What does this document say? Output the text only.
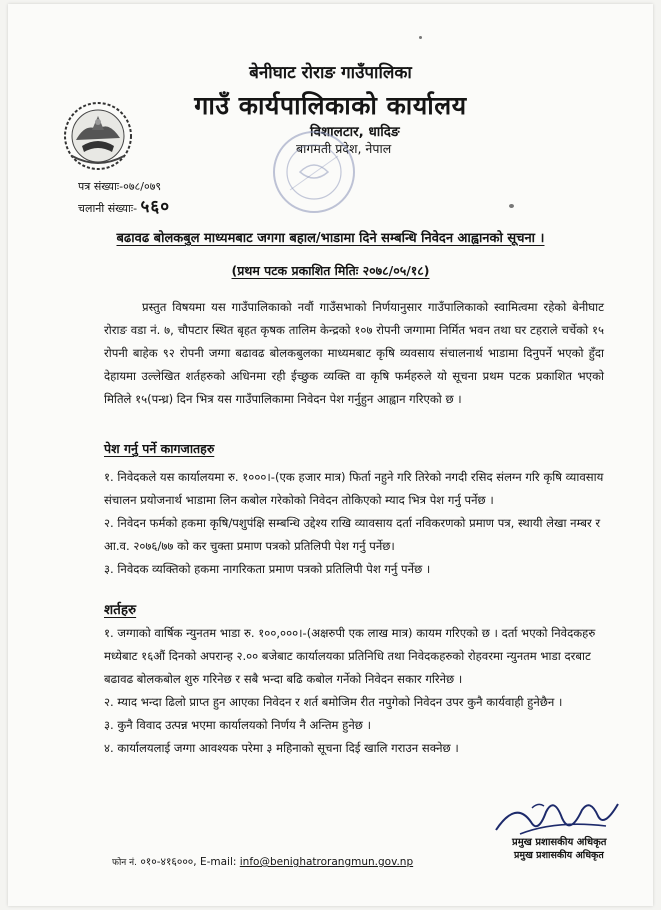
बेनीघाट रोराङ गाउँपालिका
गाउँ कार्यपालिकाको कार्यालय
विशालटार, धादिङ
बागमती प्रदेश, नेपाल
पत्र संख्याः-०७८/०७९
चलानी संख्याः- ५६०
बढावढ बोलकबुल माध्यमबाट जगगा बहाल/भाडामा दिने सम्बन्धि निवेदन आह्वानको सूचना ।
(प्रथम पटक प्रकाशित मितिः २०७८/०५/१८)

प्रस्तुत विषयमा यस गाउँपालिकाको नवौं गाउँसभाको निर्णयानुसार गाउँपालिकाको स्वामित्वमा रहेको बेनीघाट रोराङ वडा नं. ७, चौपटार स्थित बृहत कृषक तालिम केन्द्रको १०७ रोपनी जग्गामा निर्मित भवन तथा घर टहराले चर्चेको १५ रोपनी बाहेक ९२ रोपनी जग्गा बढावढ बोलकबुलका माध्यमबाट कृषि व्यवसाय संचालनार्थ भाडामा दिनुपर्ने भएको हुँदा देहायमा उल्लेखित शर्तहरुको अधिनमा रही ईच्छुक व्यक्ति वा कृषि फर्महरुले यो सूचना प्रथम पटक प्रकाशित भएको मितिले १५(पन्ध्र) दिन भित्र यस गाउँपालिकामा निवेदन पेश गर्नुहुन आह्वान गरिएको छ ।

पेश गर्नु पर्ने कागजातहरु
१. निवेदकले यस कार्यालयमा रु. १०००।-(एक हजार मात्र) फिर्ता नहुने गरि तिरेको नगदी रसिद संलग्न गरि कृषि व्यावसाय संचालन प्रयोजनार्थ भाडामा लिन कबोल गरेकोको निवेदन तोकिएको म्याद भित्र पेश गर्नु पर्नेछ ।
२. निवेदन फर्मको हकमा कृषि/पशुपंक्षि सम्बन्धि उद्देश्य राखि व्यावसाय दर्ता नविकरणको प्रमाण पत्र, स्थायी लेखा नम्बर र आ.व. २०७६/७७ को कर चुक्ता प्रमाण पत्रको प्रतिलिपी पेश गर्नु पर्नेछ।
३. निवेदक व्यक्तिको हकमा नागरिकता प्रमाण पत्रको प्रतिलिपी पेश गर्नु पर्नेछ ।
शर्तहरु
१. जग्गाको वार्षिक न्युनतम भाडा रु. १००,०००।-(अक्षरुपी एक लाख मात्र) कायम गरिएको छ । दर्ता भएको निवेदकहरु मध्येबाट १६औं दिनको अपरान्ह २.०० बजेबाट कार्यालयका प्रतिनिधि तथा निवेदकहरुको रोहवरमा न्युनतम भाडा दरबाट बढावढ बोलकबोल शुरु गरिनेछ र सबै भन्दा बढि कबोल गर्नेको निवेदन सकार गरिनेछ ।
२. म्याद भन्दा ढिलो प्राप्त हुन आएका निवेदन र शर्त बमोजिम रीत नपुगेको निवेदन उपर कुनै कार्यवाही हुनेछैन ।
३. कुनै विवाद उत्पन्न भएमा कार्यालयको निर्णय नै अन्तिम हुनेछ ।
४. कार्यालयलाई जग्गा आवश्यक परेमा ३ महिनाको सूचना दिई खालि गराउन सक्नेछ ।
प्रमुख प्रशासकीय अधिकृत
प्रमुख प्रशासकीय अधिकृत
फोन नं. ०१०-४१६०००, E-mail: info@benighatrorangmun.gov.np
